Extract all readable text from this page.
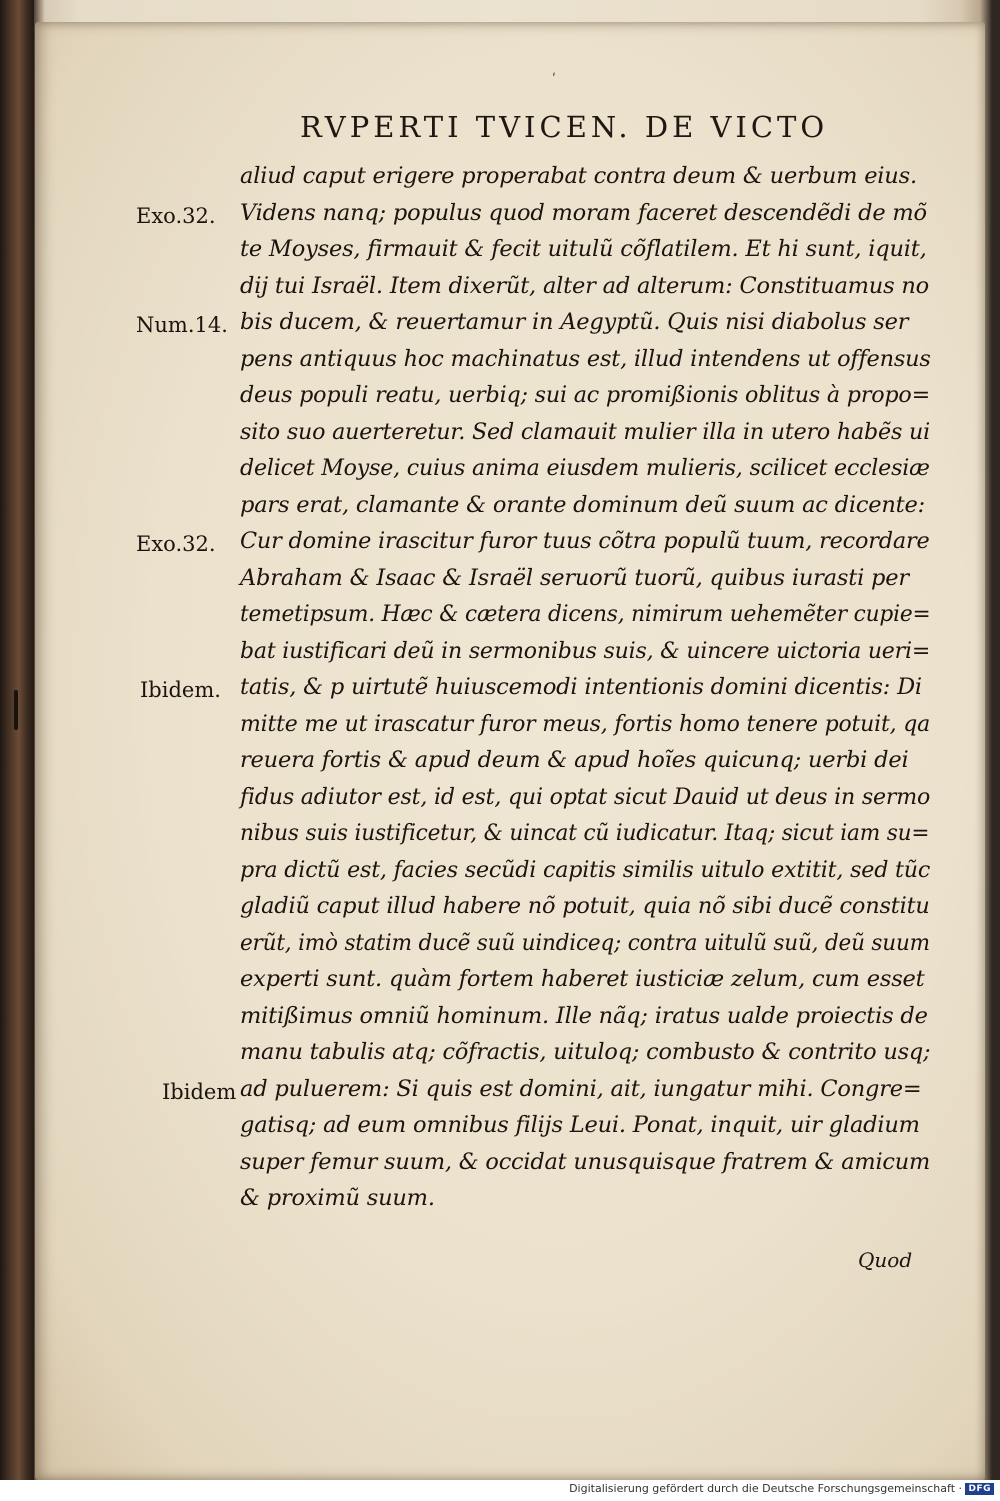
ʹ
RVPERTI TVICEN. DE VICTO
aliud caput erigere properabat contra deum & uerbum eius.
Videns nanq; populus quod moram faceret descendẽdi de mõ
te Moyses, firmauit & fecit uitulũ cõflatilem. Et hi sunt, iquit,
dij tui Israël. Item dixerũt, alter ad alterum: Constituamus no
bis ducem, & reuertamur in Aegyptũ. Quis nisi diabolus ser
pens antiquus hoc machinatus est, illud intendens ut offensus
deus populi reatu, uerbiq; sui ac promißionis oblitus à propo=
sito suo auerteretur. Sed clamauit mulier illa in utero habẽs ui
delicet Moyse, cuius anima eiusdem mulieris, scilicet ecclesiæ
pars erat, clamante & orante dominum deũ suum ac dicente:
Cur domine irascitur furor tuus cõtra populũ tuum, recordare
Abraham & Isaac & Israël seruorũ tuorũ, quibus iurasti per
temetipsum. Hæc & cætera dicens, nimirum uehemẽter cupie=
bat iustificari deũ in sermonibus suis, & uincere uictoria ueri=
tatis, & p uirtutẽ huiuscemodi intentionis domini dicentis: Di
mitte me ut irascatur furor meus, fortis homo tenere potuit, qa
reuera fortis & apud deum & apud hoĩes quicunq; uerbi dei
fidus adiutor est, id est, qui optat sicut Dauid ut deus in sermo
nibus suis iustificetur, & uincat cũ iudicatur. Itaq; sicut iam su=
pra dictũ est, facies secũdi capitis similis uitulo extitit, sed tũc
gladiũ caput illud habere nõ potuit, quia nõ sibi ducẽ constitu
erũt, imò statim ducẽ suũ uindiceq; contra uitulũ suũ, deũ suum
experti sunt. quàm fortem haberet iusticiæ zelum, cum esset
mitißimus omniũ hominum. Ille nãq; iratus ualde proiectis de
manu tabulis atq; cõfractis, uituloq; combusto & contrito usq;
ad puluerem: Si quis est domini, ait, iungatur mihi. Congre=
gatisq; ad eum omnibus filijs Leui. Ponat, inquit, uir gladium
super femur suum, & occidat unusquisque fratrem & amicum
& proximũ suum.
Exo.32.
Num.14.
Exo.32.
Ibidem.
Ibidem
Quod
Digitalisierung gefördert durch die Deutsche Forschungsgemeinschaft · DFG
